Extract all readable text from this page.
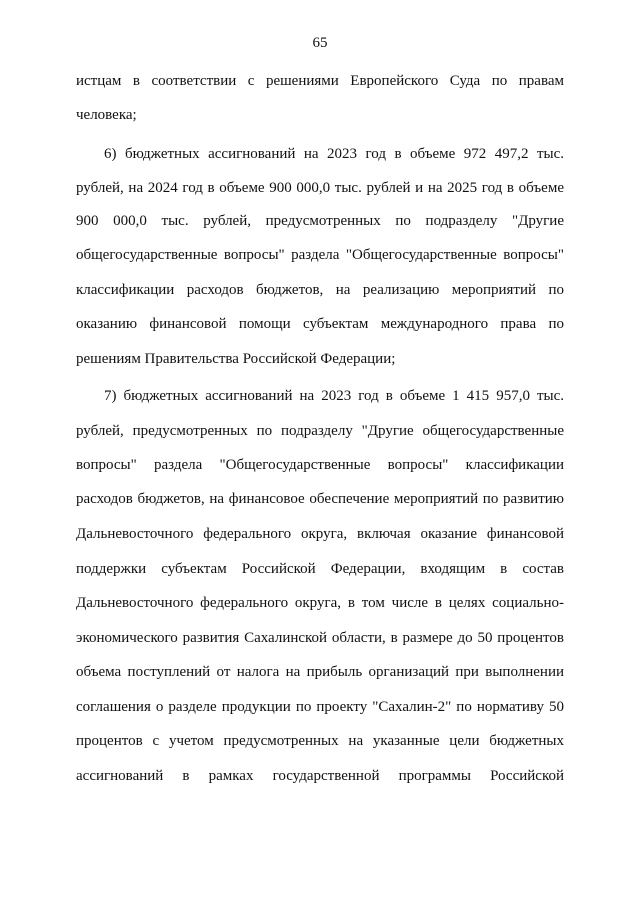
65
истцам в соответствии с решениями Европейского Суда по правам
человека;
6) бюджетных ассигнований на 2023 год в объеме 972 497,2 тыс.
рублей, на 2024 год в объеме 900 000,0 тыс. рублей и на 2025 год в объеме
900 000,0 тыс. рублей, предусмотренных по подразделу "Другие
общегосударственные вопросы" раздела "Общегосударственные вопросы"
классификации расходов бюджетов, на реализацию мероприятий по
оказанию финансовой помощи субъектам международного права по
решениям Правительства Российской Федерации;
7) бюджетных ассигнований на 2023 год в объеме 1 415 957,0 тыс.
рублей, предусмотренных по подразделу "Другие общегосударственные
вопросы" раздела "Общегосударственные вопросы" классификации
расходов бюджетов, на финансовое обеспечение мероприятий по развитию
Дальневосточного федерального округа, включая оказание финансовой
поддержки субъектам Российской Федерации, входящим в состав
Дальневосточного федерального округа, в том числе в целях социально-
экономического развития Сахалинской области, в размере до 50 процентов
объема поступлений от налога на прибыль организаций при выполнении
соглашения о разделе продукции по проекту "Сахалин-2" по нормативу 50
процентов с учетом предусмотренных на указанные цели бюджетных
ассигнований в рамках государственной программы Российской
